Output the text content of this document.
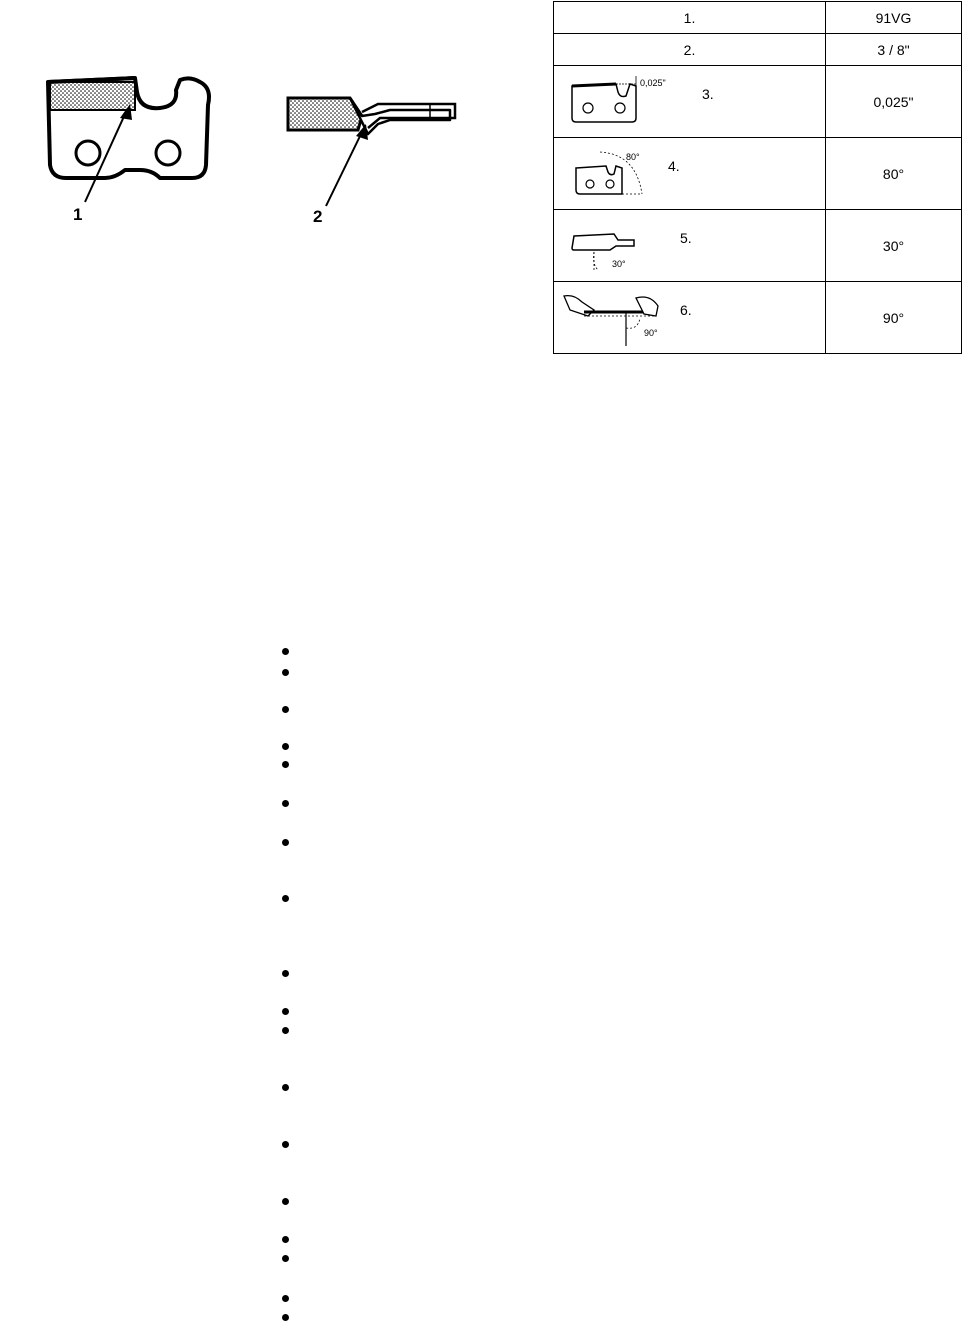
1	2
1.	91VG

2.	3 / 8"

0,025"
3.	0,025"

80°
4.	80°

30°
5.	30°

90°
6.	90°
